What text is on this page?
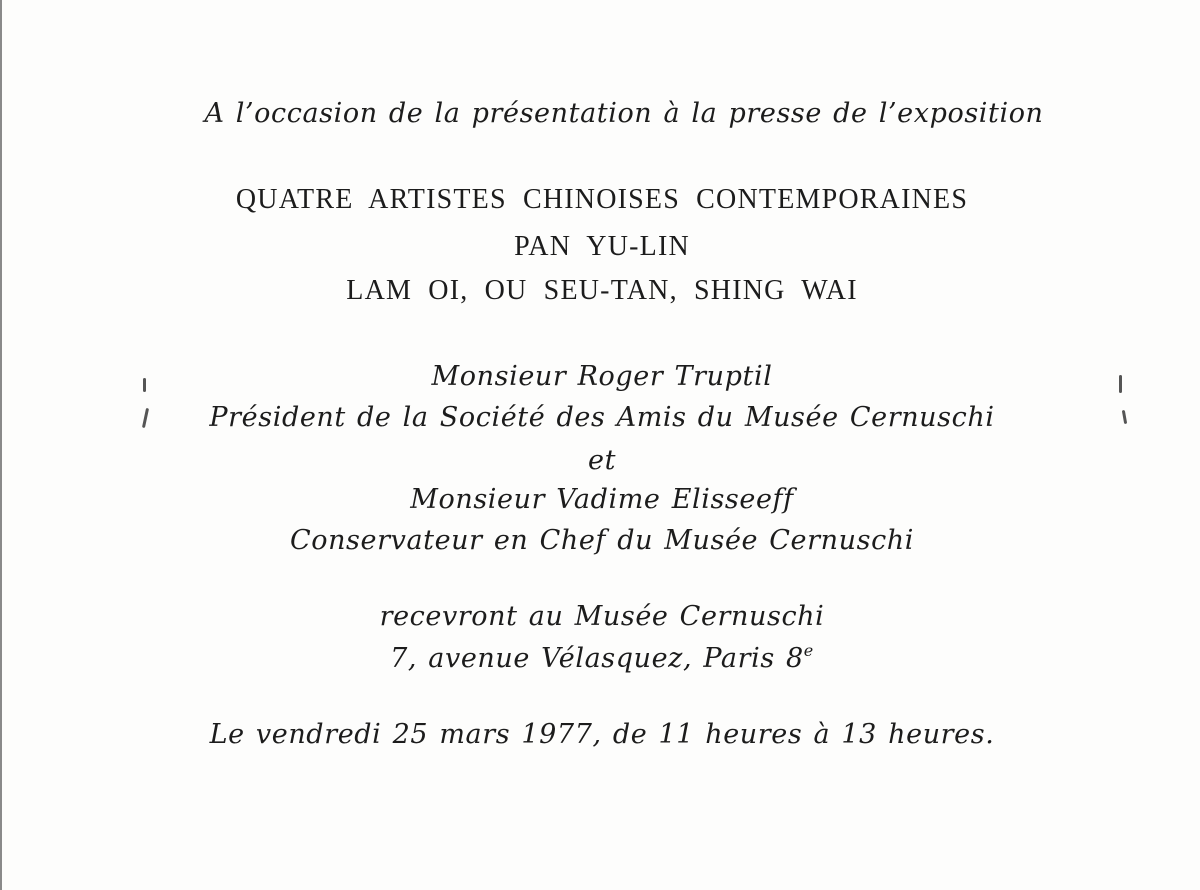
A l’occasion de la présentation à la presse de l’exposition
QUATRE ARTISTES CHINOISES CONTEMPORAINES
PAN YU-LIN
LAM OI, OU SEU-TAN, SHING WAI
Monsieur Roger Truptil
Président de la Société des Amis du Musée Cernuschi
et
Monsieur Vadime Elisseeff
Conservateur en Chef du Musée Cernuschi
recevront au Musée Cernuschi
7, avenue Vélasquez, Paris 8e
Le vendredi 25 mars 1977, de 11 heures à 13 heures.
